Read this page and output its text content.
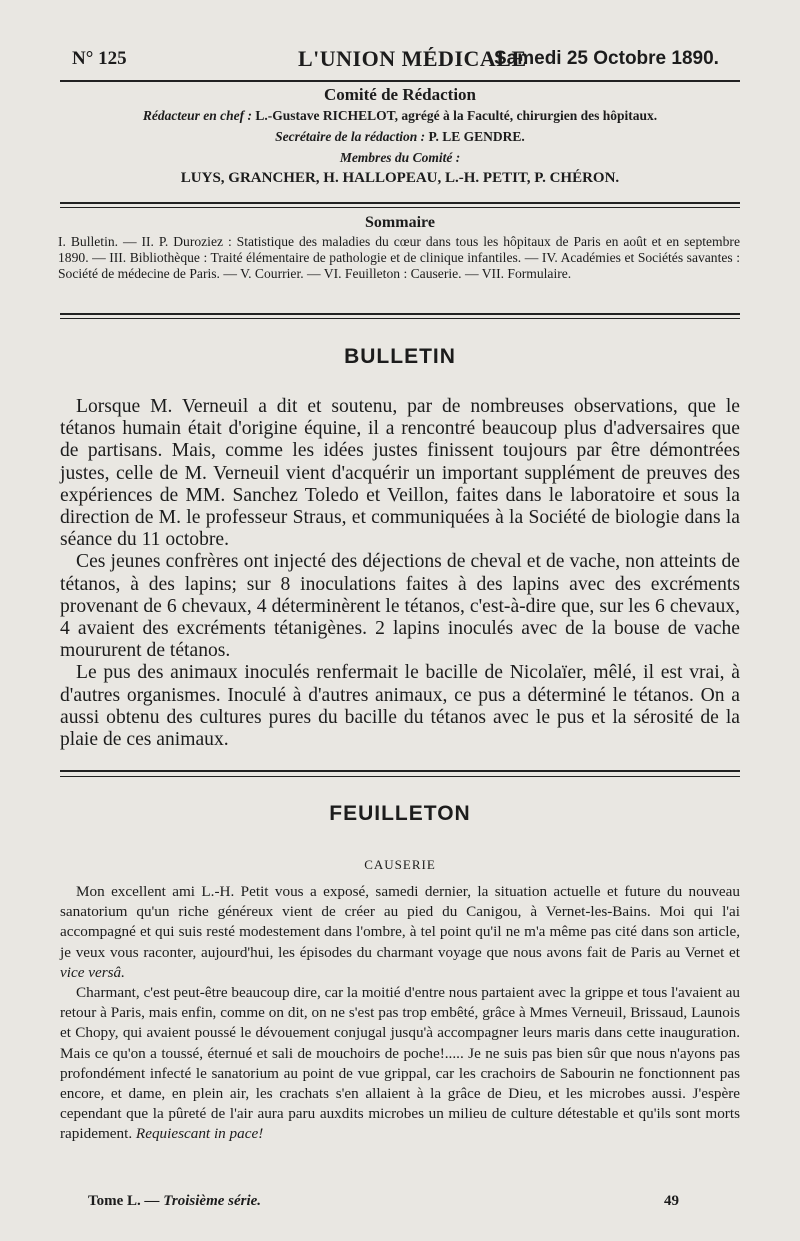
N° 125	L'UNION MÉDICALE
Samedi 25 Octobre 1890.
Comité de Rédaction
Rédacteur en chef : L.-Gustave RICHELOT, agrégé à la Faculté, chirurgien des hôpitaux.
Secrétaire de la rédaction : P. LE GENDRE.
Membres du Comité :
LUYS, GRANCHER, H. HALLOPEAU, L.-H. PETIT, P. CHÉRON.
Sommaire
I. Bulletin. — II. P. Duroziez : Statistique des maladies du cœur dans tous les hôpitaux de Paris en août et en septembre 1890. — III. Bibliothèque : Traité élémentaire de pathologie et de clinique infantiles. — IV. Académies et Sociétés savantes : Société de médecine de Paris. — V. Courrier. — VI. Feuilleton : Causerie. — VII. Formulaire.
BULLETIN

Lorsque M. Verneuil a dit et soutenu, par de nombreuses observations, que le tétanos humain était d'origine équine, il a rencontré beaucoup plus d'adversaires que de partisans. Mais, comme les idées justes finissent toujours par être démontrées justes, celle de M. Verneuil vient d'acquérir un important supplément de preuves des expériences de MM. Sanchez Toledo et Veillon, faites dans le laboratoire et sous la direction de M. le professeur Straus, et communiquées à la Société de biologie dans la séance du 11 octobre.

Ces jeunes confrères ont injecté des déjections de cheval et de vache, non atteints de tétanos, à des lapins; sur 8 inoculations faites à des lapins avec des excréments provenant de 6 chevaux, 4 déterminèrent le tétanos, c'est-à-dire que, sur les 6 chevaux, 4 avaient des excréments tétanigènes. 2 lapins inoculés avec de la bouse de vache moururent de tétanos.

Le pus des animaux inoculés renfermait le bacille de Nicolaïer, mêlé, il est vrai, à d'autres organismes. Inoculé à d'autres animaux, ce pus a déterminé le tétanos. On a aussi obtenu des cultures pures du bacille du tétanos avec le pus et la sérosité de la plaie de ces animaux.

FEUILLETON
CAUSERIE

Mon excellent ami L.-H. Petit vous a exposé, samedi dernier, la situation actuelle et future du nouveau sanatorium qu'un riche généreux vient de créer au pied du Canigou, à Vernet-les-Bains. Moi qui l'ai accompagné et qui suis resté modestement dans l'ombre, à tel point qu'il ne m'a même pas cité dans son article, je veux vous raconter, aujourd'hui, les épisodes du charmant voyage que nous avons fait de Paris au Vernet et vice versâ.

Charmant, c'est peut-être beaucoup dire, car la moitié d'entre nous partaient avec la grippe et tous l'avaient au retour à Paris, mais enfin, comme on dit, on ne s'est pas trop embêté, grâce à Mmes Verneuil, Brissaud, Launois et Chopy, qui avaient poussé le dévouement conjugal jusqu'à accompagner leurs maris dans cette inauguration. Mais ce qu'on a toussé, éternué et sali de mouchoirs de poche!..... Je ne suis pas bien sûr que nous n'ayons pas profondément infecté le sanatorium au point de vue grippal, car les crachoirs de Sabourin ne fonctionnent pas encore, et dame, en plein air, les crachats s'en allaient à la grâce de Dieu, et les microbes aussi. J'espère cependant que la pûreté de l'air aura paru auxdits microbes un milieu de culture détestable et qu'ils sont morts rapidement. Requiescant in pace!

Tome L. — Troisième série.	49
